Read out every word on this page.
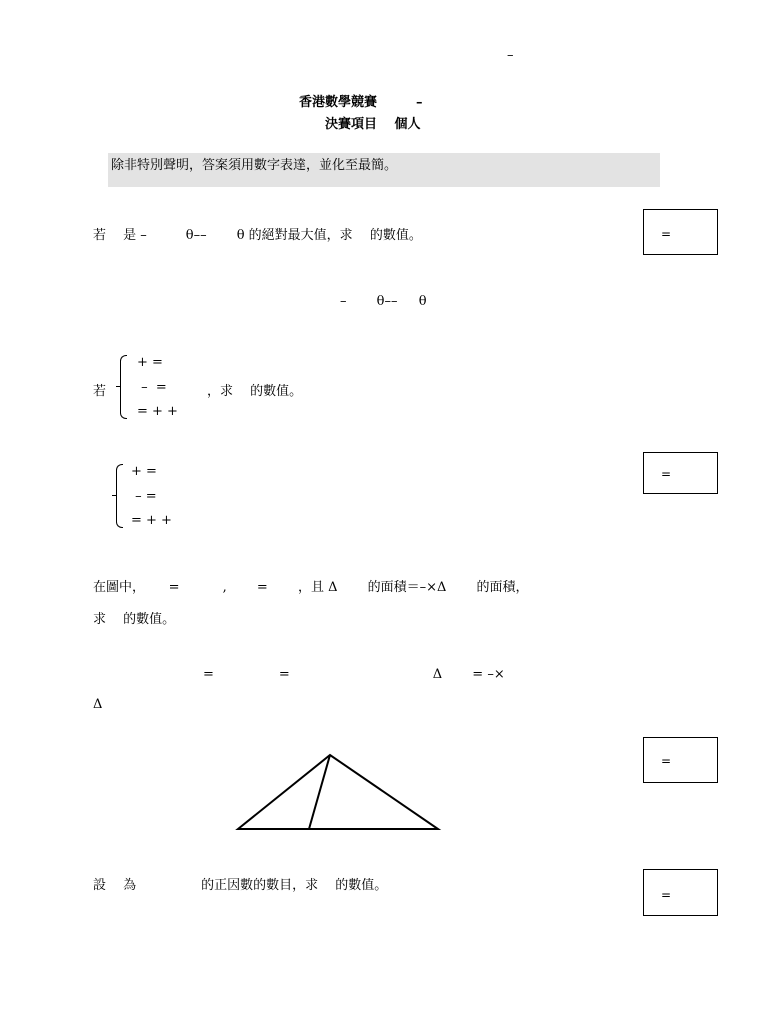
–
香港數學競賽　　　–
決賽項目　 個人
除非特別聲明，答案須用數字表達，並化至最簡。
若　 是 –　　　θ–– 　　θ 的絕對最大值，求　 的數值。	=
–　　 θ–– 　 θ
若
+ =
–  =
= + +
，求　 的數值。
+ =
– =
= + +
=
在圖中，　　 =　　　 ,　　 =　　 ，且 Δ　　 的面積＝–×Δ　　 的面積，
求　 的數值。
=　　　　　=　　　　　　　　　　　Δ　　 = –×
Δ
=
設　 為　　　　　的正因數的數目，求　 的數值。
=
